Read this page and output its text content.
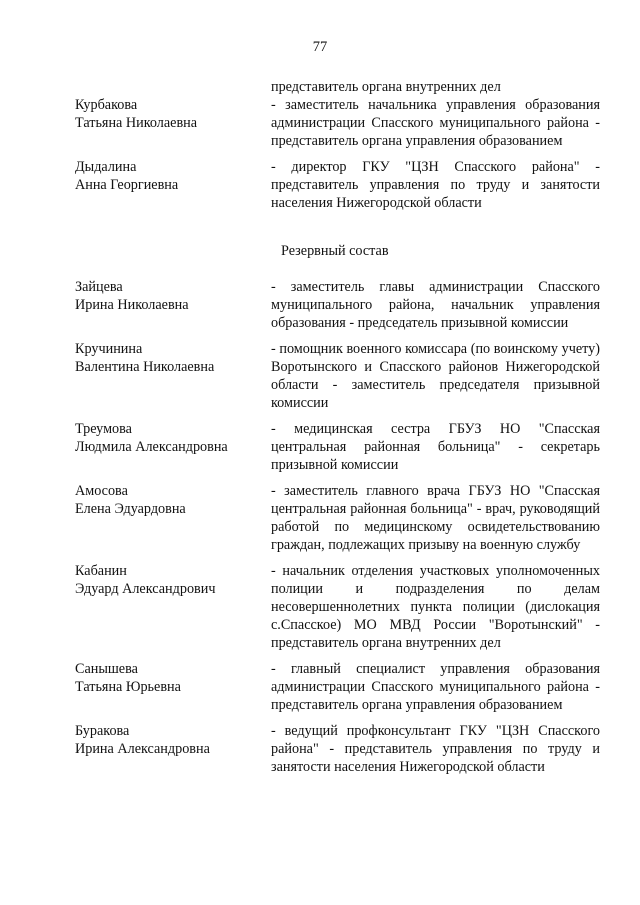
77
представитель органа внутренних дел
Курбакова
Татьяна Николаевна
- заместитель начальника управления образования администрации Спасского муниципального района - представитель органа управления образованием
Дыдалина
Анна Георгиевна
- директор ГКУ "ЦЗН Спасского района" - представитель управления по труду и занятости населения Нижегородской области
Резервный состав
Зайцева
Ирина Николаевна
- заместитель главы администрации Спасского муниципального района, начальник управления образования - председатель призывной комиссии
Кручинина
Валентина Николаевна
- помощник военного комиссара (по воинскому учету) Воротынского и Спасского районов Нижегородской области - заместитель председателя призывной комиссии
Треумова
Людмила Александровна
- медицинская сестра ГБУЗ НО "Спасская центральная районная больница" - секретарь призывной комиссии
Амосова
Елена Эдуардовна
- заместитель главного врача ГБУЗ НО "Спасская центральная районная больница" - врач, руководящий работой по медицинскому освидетельствованию граждан, подлежащих призыву на военную службу
Кабанин
Эдуард Александрович
- начальник отделения участковых уполномоченных полиции и подразделения по делам несовершеннолетних пункта полиции (дислокация с.Спасское) МО МВД России "Воротынский" - представитель органа внутренних дел
Санышева
Татьяна Юрьевна
- главный специалист управления образования администрации Спасского муниципального района - представитель органа управления образованием
Буракова
Ирина Александровна
- ведущий профконсультант ГКУ "ЦЗН Спасского района" - представитель управления по труду и занятости населения Нижегородской области
